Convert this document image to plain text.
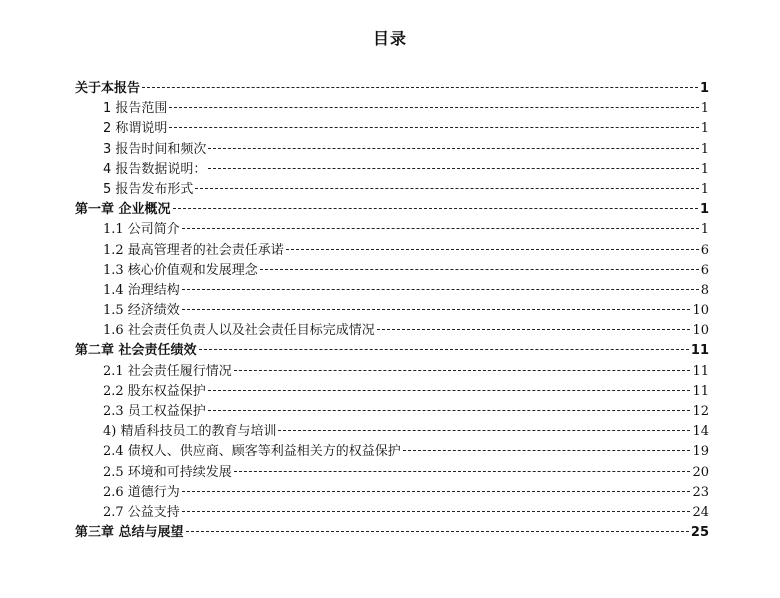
目录
关于本报告	1
1 报告范围	1
2 称谓说明	1
3 报告时间和频次	1
4 报告数据说明：	1
5 报告发布形式	1
第一章 企业概况	1
1.1 公司简介	1
1.2 最高管理者的社会责任承诺	6
1.3 核心价值观和发展理念	6
1.4 治理结构	8
1.5 经济绩效	10
1.6 社会责任负责人以及社会责任目标完成情况	10
第二章 社会责任绩效	11
2.1 社会责任履行情况	11
2.2 股东权益保护	11
2.3 员工权益保护	12
4) 精盾科技员工的教育与培训	14
2.4 债权人、供应商、顾客等利益相关方的权益保护	19
2.5 环境和可持续发展	20
2.6 道德行为	23
2.7 公益支持	24
第三章 总结与展望	25
